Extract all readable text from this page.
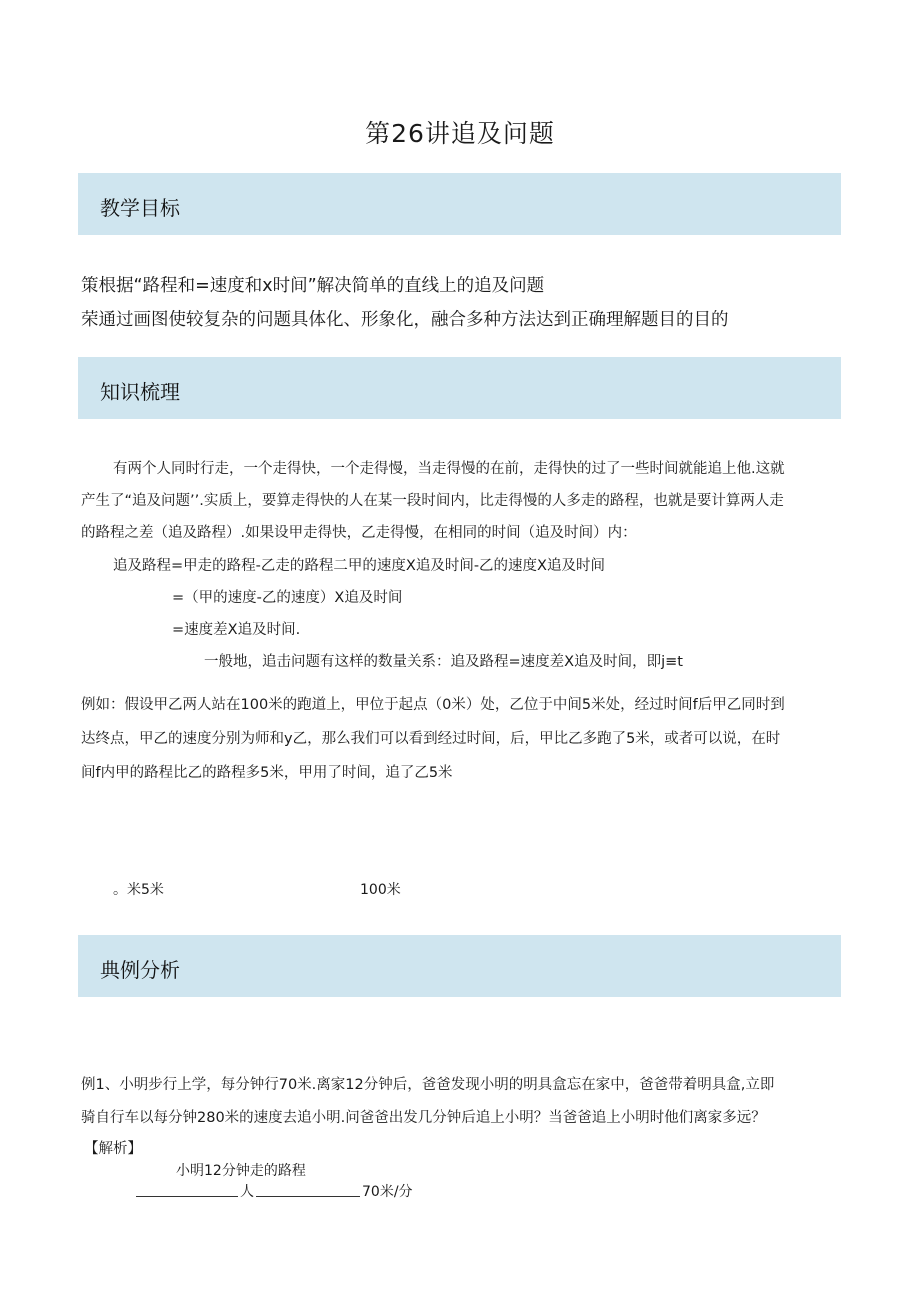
第26讲追及问题
教学目标
策根据“路程和=速度和x时间”解决简单的直线上的追及问题
荣通过画图使较复杂的问题具体化、形象化，融合多种方法达到正确理解题目的目的
知识梳理
有两个人同时行走，一个走得快，一个走得慢，当走得慢的在前，走得快的过了一些时间就能追上他.这就
产生了“追及问题’’.实质上，要算走得快的人在某一段时间内，比走得慢的人多走的路程，也就是要计算两人走
的路程之差（追及路程）.如果设甲走得快，乙走得慢，在相同的时间（追及时间）内：
追及路程=甲走的路程-乙走的路程二甲的速度X追及时间-乙的速度X追及时间
=（甲的速度-乙的速度）X追及时间
=速度差X追及时间.
一般地，追击问题有这样的数量关系：追及路程=速度差X追及时间，即j≡t
例如：假设甲乙两人站在100米的跑道上，甲位于起点（0米）处，乙位于中间5米处，经过时间f后甲乙同时到
达终点，甲乙的速度分别为师和y乙，那么我们可以看到经过时间，后，甲比乙多跑了5米，或者可以说，在时
间f内甲的路程比乙的路程多5米，甲用了时间，追了乙5米
。米5米	100米
典例分析
例1、小明步行上学，每分钟行70米.离家12分钟后，爸爸发现小明的明具盒忘在家中，爸爸带着明具盒,立即
骑自行车以每分钟280米的速度去追小明.问爸爸出发几分钟后追上小明？当爸爸追上小明时他们离家多远？
【解析】
小明12分钟走的路程
人	70米/分
